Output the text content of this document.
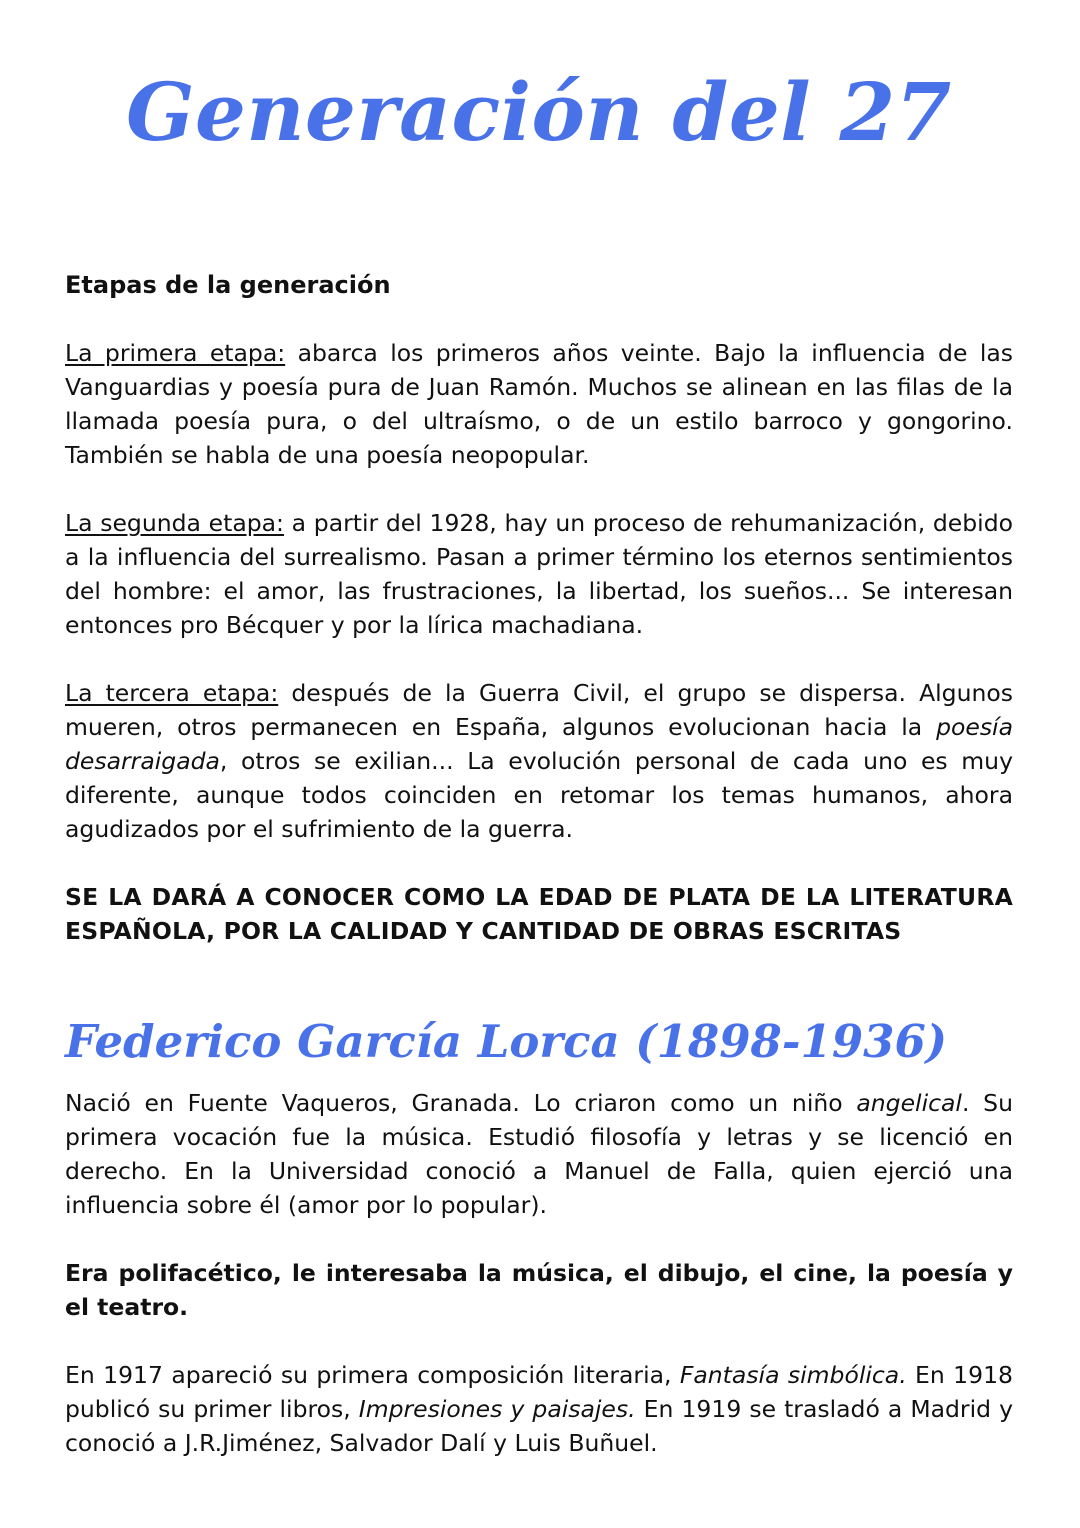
Generación del 27
Etapas de la generación

La primera etapa: abarca los primeros años veinte. Bajo la influencia de las Vanguardias y poesía pura de Juan Ramón. Muchos se alinean en las filas de la llamada poesía pura, o del ultraísmo, o de un estilo barroco y gongorino. También se habla de una poesía neopopular.

La segunda etapa: a partir del 1928, hay un proceso de rehumanización, debido a la influencia del surrealismo. Pasan a primer término los eternos sentimientos del hombre: el amor, las frustraciones, la libertad, los sueños... Se interesan entonces pro Bécquer y por la lírica machadiana.

La tercera etapa: después de la Guerra Civil, el grupo se dispersa. Algunos mueren, otros permanecen en España, algunos evolucionan hacia la poesía desarraigada, otros se exilian... La evolución personal de cada uno es muy diferente, aunque todos coinciden en retomar los temas humanos, ahora agudizados por el sufrimiento de la guerra.

SE LA DARÁ A CONOCER COMO LA EDAD DE PLATA DE LA LITERATURA ESPAÑOLA, POR LA CALIDAD Y CANTIDAD DE OBRAS ESCRITAS

Federico García Lorca (1898-1936)

Nació en Fuente Vaqueros, Granada. Lo criaron como un niño angelical. Su primera vocación fue la música. Estudió filosofía y letras y se licenció en derecho. En la Universidad conoció a Manuel de Falla, quien ejerció una influencia sobre él (amor por lo popular).

Era polifacético, le interesaba la música, el dibujo, el cine, la poesía y el teatro.

En 1917 apareció su primera composición literaria, Fantasía simbólica. En 1918 publicó su primer libros, Impresiones y paisajes. En 1919 se trasladó a Madrid y conoció a J.R.Jiménez, Salvador Dalí y Luis Buñuel.
